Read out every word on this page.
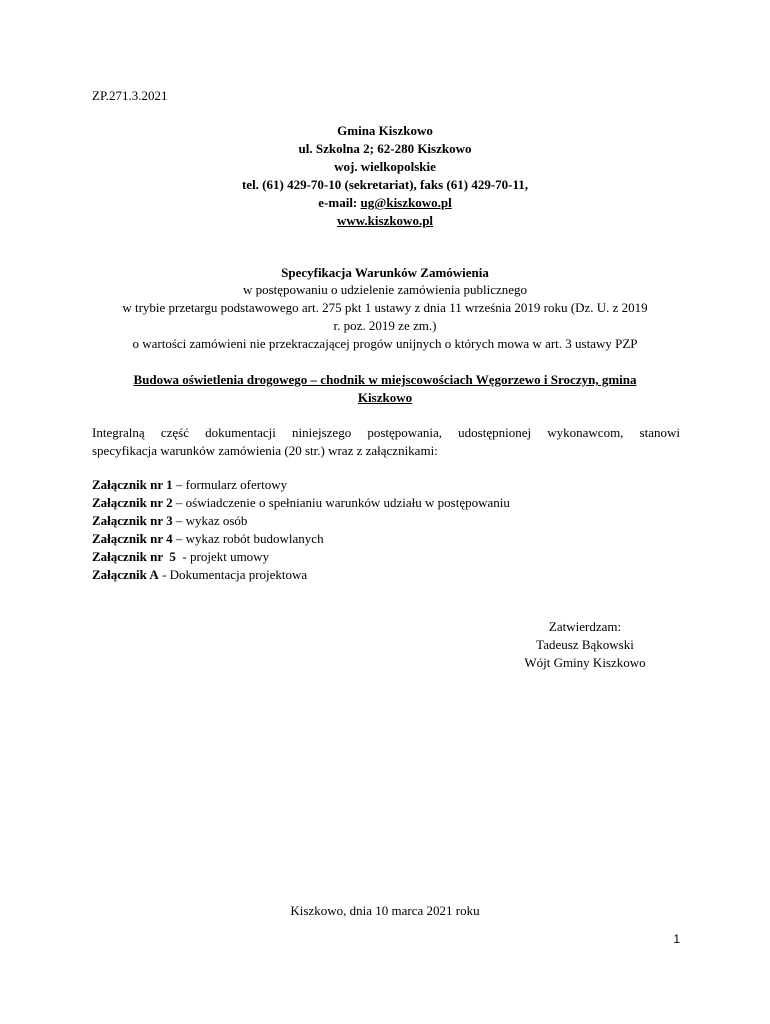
ZP.271.3.2021
Gmina Kiszkowo
ul. Szkolna 2; 62-280 Kiszkowo
woj. wielkopolskie
tel. (61) 429-70-10 (sekretariat), faks (61) 429-70-11,
e-mail: ug@kiszkowo.pl
www.kiszkowo.pl
Specyfikacja Warunków Zamówienia
w postępowaniu o udzielenie zamówienia publicznego
w trybie przetargu podstawowego art. 275 pkt 1 ustawy z dnia 11 września 2019 roku (Dz. U. z 2019
r. poz. 2019 ze zm.)
o wartości zamówieni nie przekraczającej progów unijnych o których mowa w art. 3 ustawy PZP
Budowa oświetlenia drogowego – chodnik w miejscowościach Węgorzewo i Sroczyn, gmina
Kiszkowo
Integralną część dokumentacji niniejszego postępowania, udostępnionej wykonawcom, stanowi
specyfikacja warunków zamówienia (20 str.) wraz z załącznikami:
Załącznik nr 1 – formularz ofertowy
Załącznik nr 2 – oświadczenie o spełnianiu warunków udziału w postępowaniu
Załącznik nr 3 – wykaz osób
Załącznik nr 4 – wykaz robót budowlanych
Załącznik nr  5  - projekt umowy
Załącznik A - Dokumentacja projektowa
Zatwierdzam:
Tadeusz Bąkowski
Wójt Gminy Kiszkowo
Kiszkowo, dnia 10 marca 2021 roku
1
